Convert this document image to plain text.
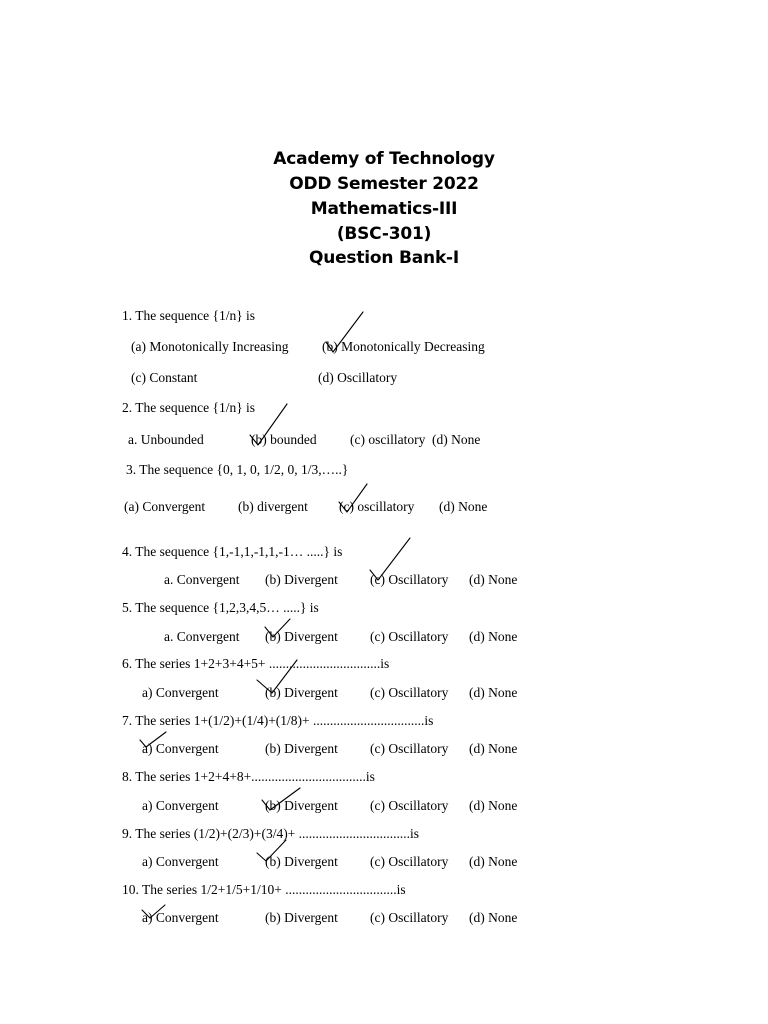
Academy of Technology
ODD Semester 2022
Mathematics-III
(BSC-301)
Question Bank-I
1. The sequence {1/n} is
(a) Monotonically Increasing (b) Monotonically Decreasing
(c) Constant	(d) Oscillatory
2. The sequence {1/n} is
a. Unbounded	(b) bounded (c) oscillatory (d) None
3. The sequence {0, 1, 0, 1/2, 0, 1/3,…..}
(a) Convergent (b) divergent (c) oscillatory (d) None
4. The sequence {1,-1,1,-1,1,-1… .....} is
a. Convergent (b) Divergent (c) Oscillatory (d) None
5. The sequence {1,2,3,4,5… .....} is
a. Convergent (b) Divergent (c) Oscillatory (d) None
6. The series 1+2+3+4+5+ .................................is
a) Convergent	(b) Divergent (c) Oscillatory (d) None
7. The series 1+(1/2)+(1/4)+(1/8)+ .................................is
a) Convergent	(b) Divergent (c) Oscillatory (d) None
8. The series 1+2+4+8+..................................is
a) Convergent	(b) Divergent (c) Oscillatory (d) None
9. The series (1/2)+(2/3)+(3/4)+ .................................is
a) Convergent	(b) Divergent (c) Oscillatory (d) None
10. The series 1/2+1/5+1/10+ .................................is
a) Convergent	(b) Divergent (c) Oscillatory (d) None
